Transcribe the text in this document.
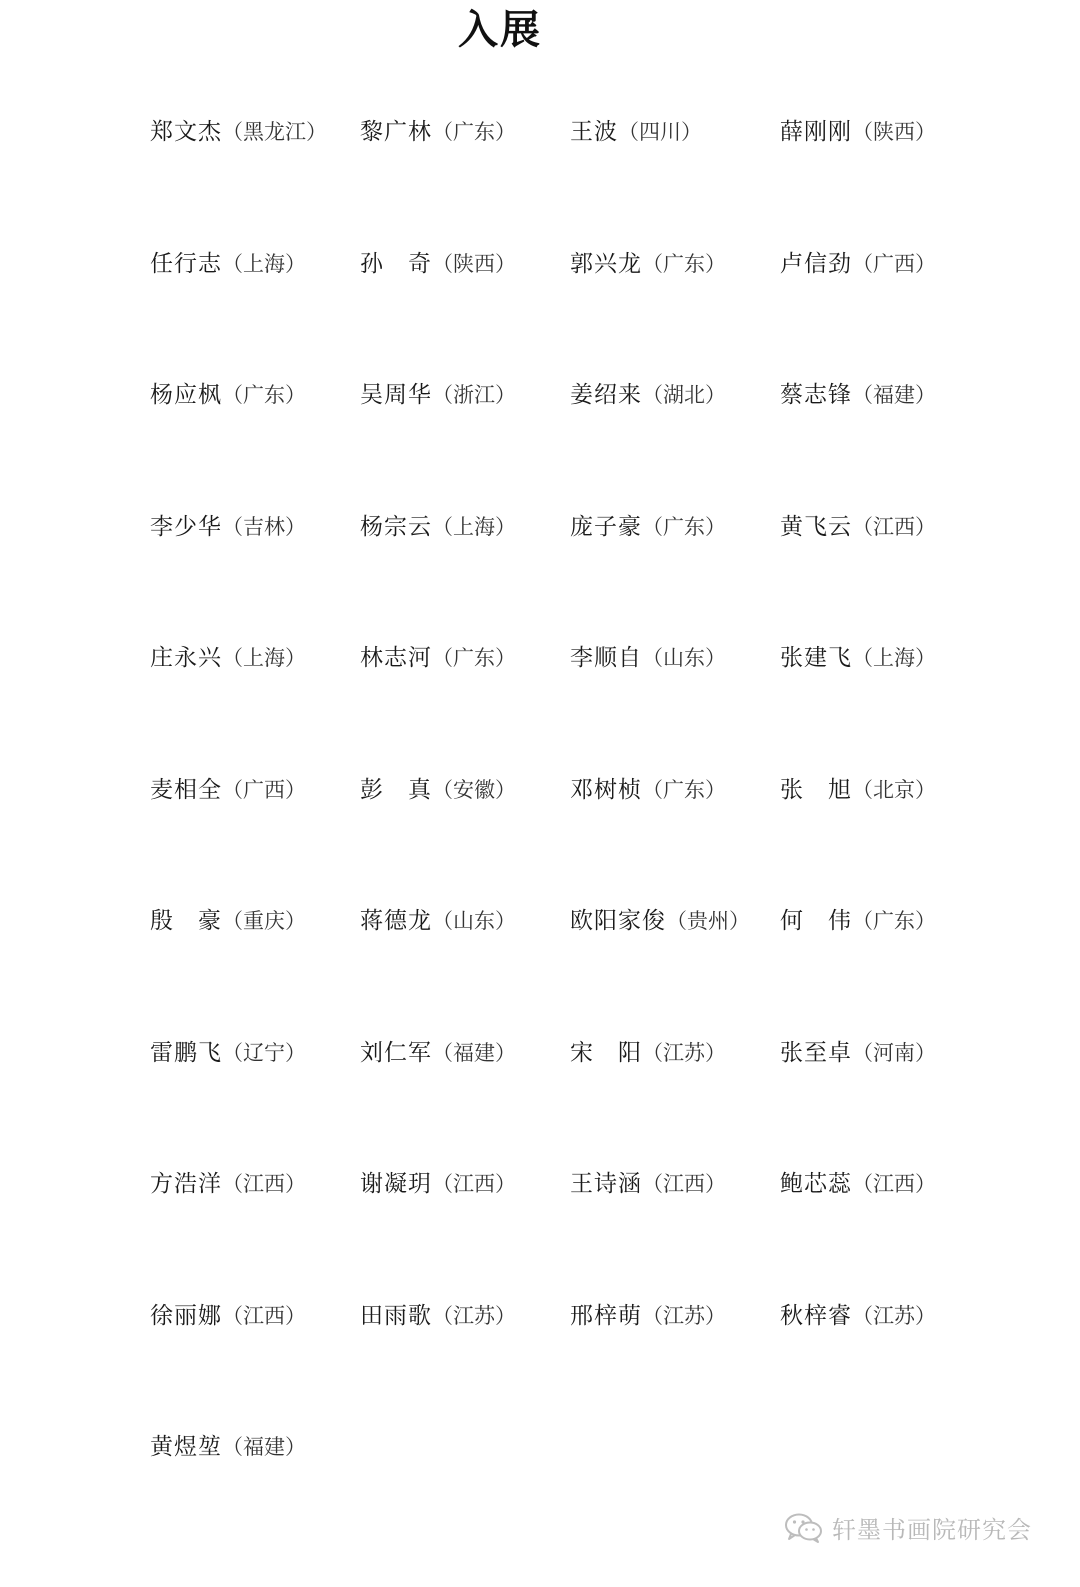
入展
郑文杰（黑龙江）	黎广林（广东）	王波（四川）	薛刚刚（陕西）
任行志（上海）	孙　奇（陕西）	郭兴龙（广东）	卢信劲（广西）
杨应枫（广东）	吴周华（浙江）	姜绍来（湖北）	蔡志锋（福建）
李少华（吉林）	杨宗云（上海）	庞子豪（广东）	黄飞云（江西）
庄永兴（上海）	林志河（广东）	李顺自（山东）	张建飞（上海）
麦相全（广西）	彭　真（安徽）	邓树桢（广东）	张　旭（北京）
殷　豪（重庆）	蒋德龙（山东）	欧阳家俊（贵州）	何　伟（广东）
雷鹏飞（辽宁）	刘仁军（福建）	宋　阳（江苏）	张至卓（河南）
方浩洋（江西）	谢凝玥（江西）	王诗涵（江西）	鲍芯蕊（江西）
徐丽娜（江西）	田雨歌（江苏）	邢梓萌（江苏）	秋梓睿（江苏）
黄煜堃（福建）
轩墨书画院研究会
